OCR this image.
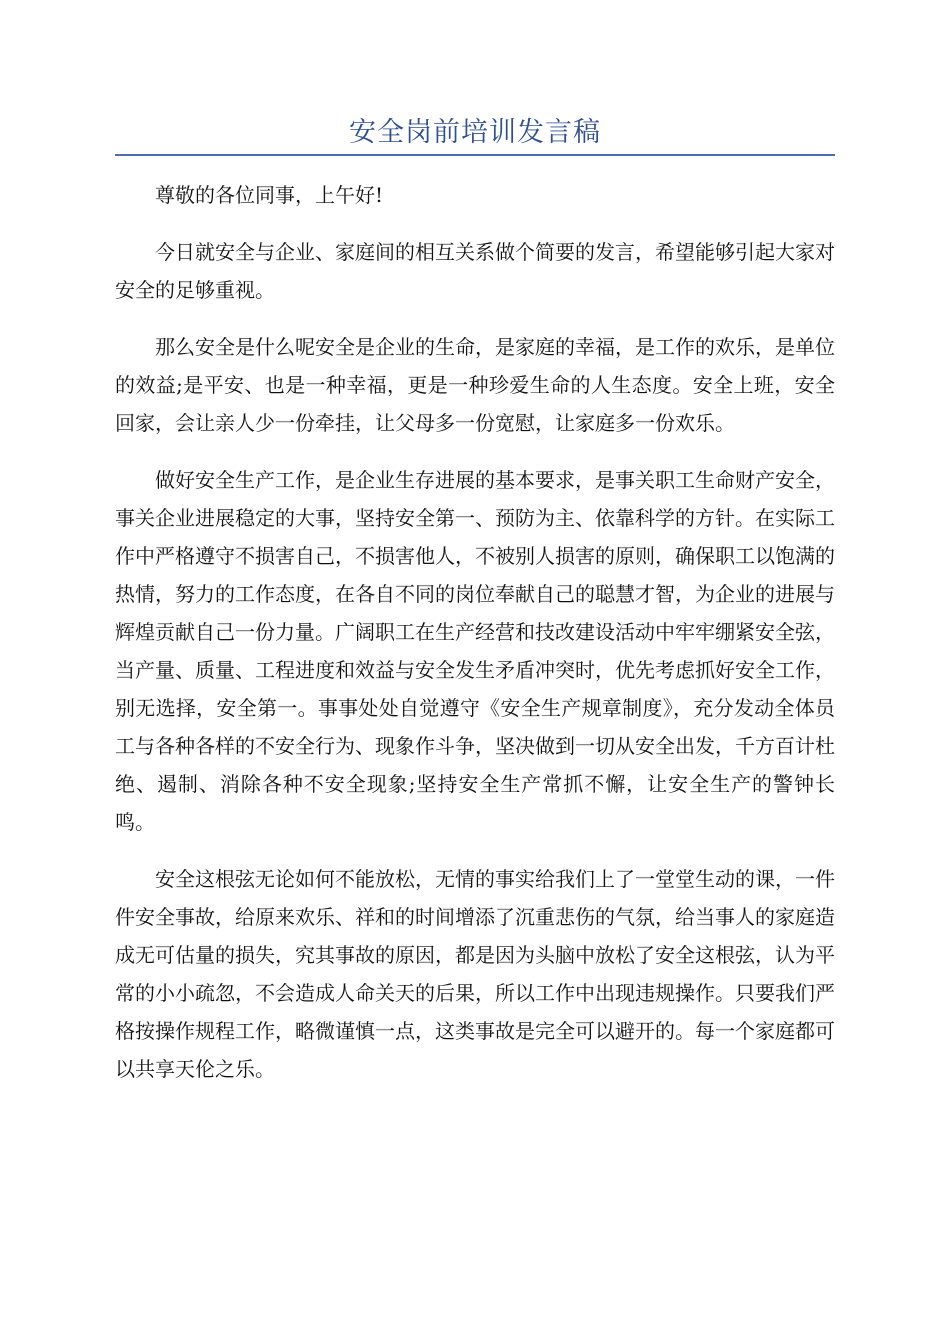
安全岗前培训发言稿

尊敬的各位同事，上午好!

今日就安全与企业、家庭间的相互关系做个简要的发言，希望能够引起大家对安全的足够重视。

那么安全是什么呢安全是企业的生命，是家庭的幸福，是工作的欢乐，是单位的效益;是平安、也是一种幸福，更是一种珍爱生命的人生态度。安全上班，安全回家，会让亲人少一份牵挂，让父母多一份宽慰，让家庭多一份欢乐。

做好安全生产工作，是企业生存进展的基本要求，是事关职工生命财产安全，事关企业进展稳定的大事，坚持安全第一、预防为主、依靠科学的方针。在实际工作中严格遵守不损害自己，不损害他人，不被别人损害的原则，确保职工以饱满的热情，努力的工作态度，在各自不同的岗位奉献自己的聪慧才智，为企业的进展与辉煌贡献自己一份力量。广阔职工在生产经营和技改建设活动中牢牢绷紧安全弦，当产量、质量、工程进度和效益与安全发生矛盾冲突时，优先考虑抓好安全工作，别无选择，安全第一。事事处处自觉遵守《安全生产规章制度》，充分发动全体员工与各种各样的不安全行为、现象作斗争，坚决做到一切从安全出发，千方百计杜绝、遏制、消除各种不安全现象;坚持安全生产常抓不懈，让安全生产的警钟长鸣。

安全这根弦无论如何不能放松，无情的事实给我们上了一堂堂生动的课，一件件安全事故，给原来欢乐、祥和的时间增添了沉重悲伤的气氛，给当事人的家庭造成无可估量的损失，究其事故的原因，都是因为头脑中放松了安全这根弦，认为平常的小小疏忽，不会造成人命关天的后果，所以工作中出现违规操作。只要我们严格按操作规程工作，略微谨慎一点，这类事故是完全可以避开的。每一个家庭都可以共享天伦之乐。
